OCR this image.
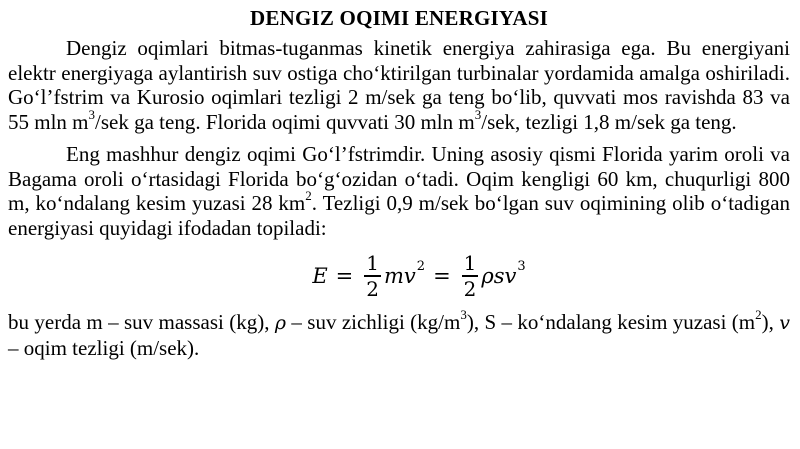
DENGIZ OQIMI ENERGIYASI

Dengiz oqimlari bitmas-tuganmas kinetik energiya zahirasiga ega. Bu energiyani elektr energiyaga aylantirish suv ostiga cho‘ktirilgan turbinalar yordamida amalga oshiriladi. Go‘l’fstrim va Kurosio oqimlari tezligi 2 m/sek ga teng bo‘lib, quvvati mos ravishda 83 va 55 mln $m^3$/sek ga teng. Florida oqimi quvvati 30 mln $m^3$/sek, tezligi 1,8 m/sek ga teng.

Eng mashhur dengiz oqimi Go‘l’fstrimdir. Uning asosiy qismi Florida yarim oroli va Bagama oroli o‘rtasidagi Florida bo‘g‘ozidan o‘tadi. Oqim kengligi 60 km, chuqurligi 800 m, ko‘ndalang kesim yuzasi 28 $km^2$. Tezligi 0,9 m/sek bo‘lgan suv oqimining olib o‘tadigan energiyasi quyidagi ifodadan topiladi:

$E = \frac{1}{2}$ mv $2 = \frac{1}{2}$ ρsv 3

bu yerda m – suv massasi (kg), ρ – suv zichligi $(kg/m^3)$, S – ko‘ndalang kesim yuzasi $(m^2)$, v – oqim tezligi (m/sek).
